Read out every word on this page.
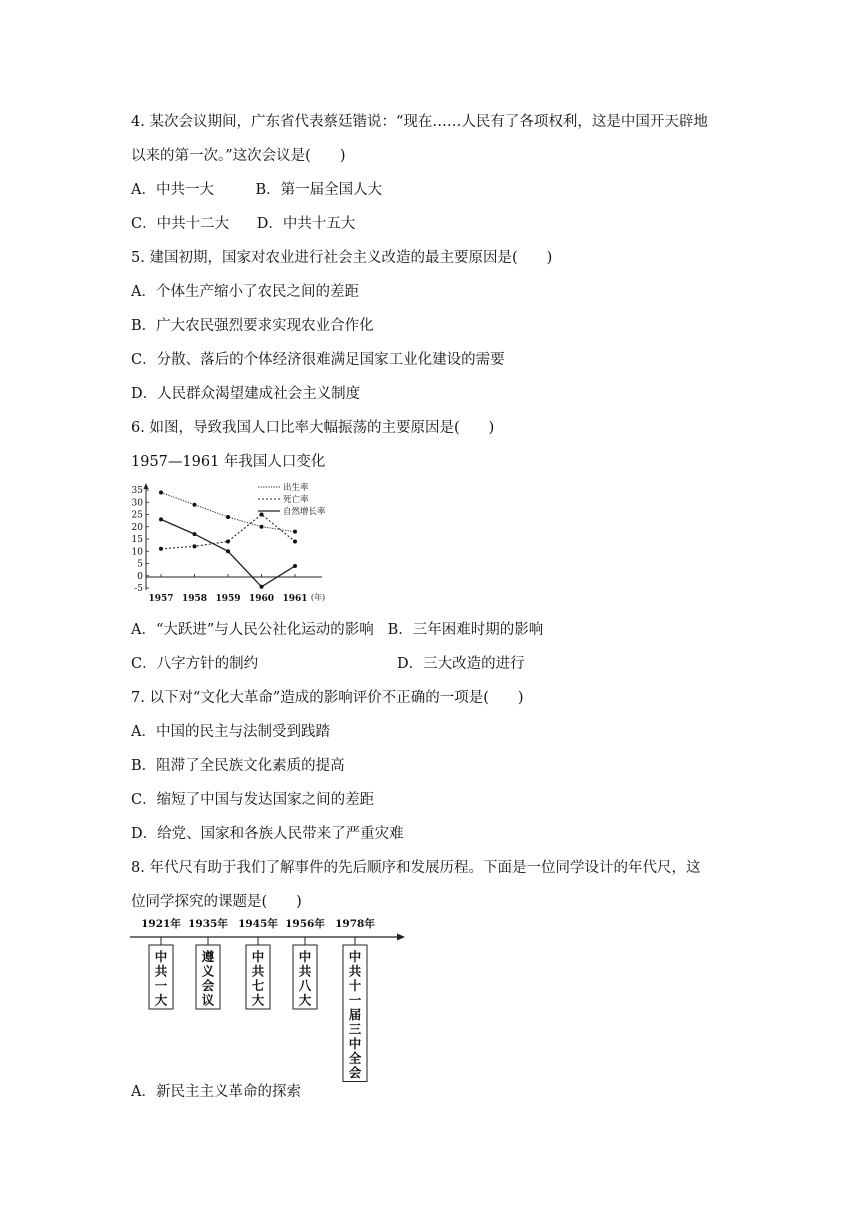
4. 某次会议期间，广东省代表蔡廷锴说：“现在……人民有了各项权利，这是中国开天辟地
以来的第一次。”这次会议是(　　)
A．中共一大	B．第一届全国人大
C．中共十二大 D．中共十五大
5. 建国初期，国家对农业进行社会主义改造的最主要原因是(　　)
A．个体生产缩小了农民之间的差距
B．广大农民强烈要求实现农业合作化
C．分散、落后的个体经济很难满足国家工业化建设的需要
D．人民群众渴望建成社会主义制度
6. 如图，导致我国人口比率大幅振荡的主要原因是(　　)
1957—1961 年我国人口变化
35
30
25
20
15
10
5
0
-5
1957 1958 1959 1960 1961 (年)
出生率
死亡率
自然增长率
A．“大跃进”与人民公社化运动的影响 B．三年困难时期的影响
C．八字方针的制约	D．三大改造的进行
7. 以下对“文化大革命”造成的影响评价不正确的一项是(　　)
A．中国的民主与法制受到践踏
B．阻滞了全民族文化素质的提高
C．缩短了中国与发达国家之间的差距
D．给党、国家和各族人民带来了严重灾难
8. 年代尺有助于我们了解事件的先后顺序和发展历程。下面是一位同学设计的年代尺，这
位同学探究的课题是(　　)
1921年
中共一大
1935年
遵义会议
1945年
中共七大
1956年
中共八大
1978年
中共十一届三中全会
A．新民主主义革命的探索
